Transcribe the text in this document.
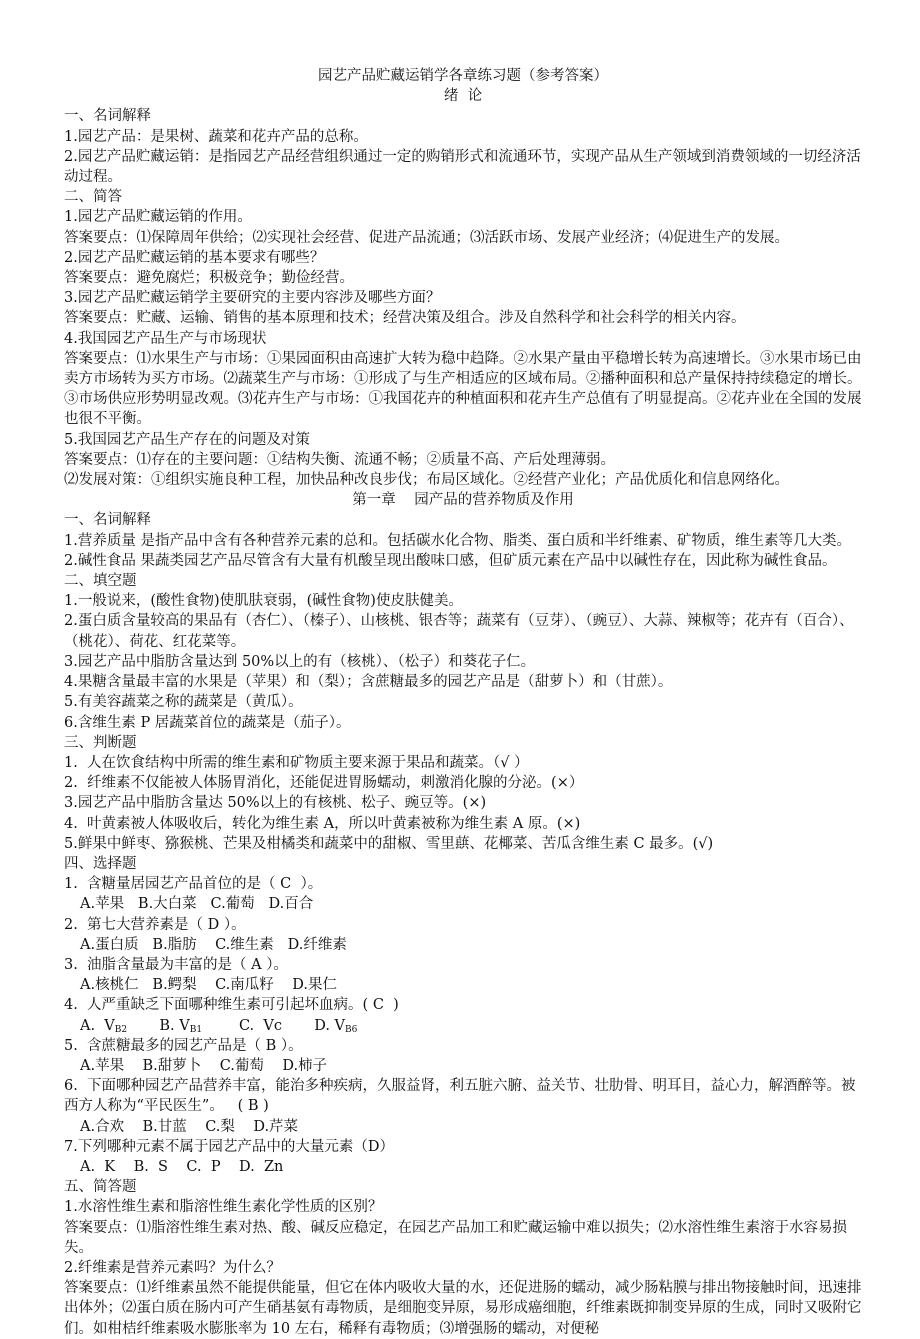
园艺产品贮藏运销学各章练习题（参考答案）

绪  论

一、名词解释

1.园艺产品：是果树、蔬菜和花卉产品的总称。

2.园艺产品贮藏运销：是指园艺产品经营组织通过一定的购销形式和流通环节，实现产品从生产领域到消费领域的一切经济活动过程。

二、简答

1.园艺产品贮藏运销的作用。

答案要点：⑴保障周年供给；⑵实现社会经营、促进产品流通；⑶活跃市场、发展产业经济；⑷促进生产的发展。

2.园艺产品贮藏运销的基本要求有哪些？

答案要点：避免腐烂；积极竞争；勤俭经营。

3.园艺产品贮藏运销学主要研究的主要内容涉及哪些方面？

答案要点：贮藏、运输、销售的基本原理和技术；经营决策及组合。涉及自然科学和社会科学的相关内容。

4.我国园艺产品生产与市场现状

答案要点：⑴水果生产与市场：①果园面积由高速扩大转为稳中趋降。②水果产量由平稳增长转为高速增长。③水果市场已由卖方市场转为买方市场。⑵蔬菜生产与市场：①形成了与生产相适应的区域布局。②播种面积和总产量保持持续稳定的增长。③市场供应形势明显改观。⑶花卉生产与市场：①我国花卉的种植面积和花卉生产总值有了明显提高。②花卉业在全国的发展也很不平衡。

5.我国园艺产品生产存在的问题及对策

答案要点：⑴存在的主要问题：①结构失衡、流通不畅；②质量不高、产后处理薄弱。

⑵发展对策：①组织实施良种工程，加快品种改良步伐；布局区域化。②经营产业化；产品优质化和信息网络化。

第一章    园产品的营养物质及作用

一、名词解释

1.营养质量 是指产品中含有各种营养元素的总和。包括碳水化合物、脂类、蛋白质和半纤维素、矿物质，维生素等几大类。

2.碱性食品 果蔬类园艺产品尽管含有大量有机酸呈现出酸味口感，但矿质元素在产品中以碱性存在，因此称为碱性食品。

二、填空题

1.一般说来，(酸性食物)使肌肤衰弱，(碱性食物)使皮肤健美。

2.蛋白质含量较高的果品有（杏仁）、（榛子）、山核桃、银杏等；蔬菜有（豆芽）、（豌豆）、大蒜、辣椒等；花卉有（百合）、（桃花）、荷花、红花菜等。

3.园艺产品中脂肪含量达到 50%以上的有（核桃）、（松子）和葵花子仁。

4.果糖含量最丰富的水果是（苹果）和（梨）；含蔗糖最多的园艺产品是（甜萝卜）和（甘蔗）。

5.有美容蔬菜之称的蔬菜是（黄瓜）。

6.含维生素 P 居蔬菜首位的蔬菜是（茄子）。

三、判断题

1.  人在饮食结构中所需的维生素和矿物质主要来源于果品和蔬菜。（√ ）

2.  纤维素不仅能被人体肠胃消化，还能促进胃肠蠕动，刺激消化腺的分泌。(×）

3.园艺产品中脂肪含量达 50%以上的有核桃、松子、豌豆等。(×)

4.  叶黄素被人体吸收后，转化为维生素 A，所以叶黄素被称为维生素 A 原。(×)

5.鲜果中鲜枣、猕猴桃、芒果及柑橘类和蔬菜中的甜椒、雪里蕻、花椰菜、苦瓜含维生素 C 最多。(√)

四、选择题

1.  含糖量居园艺产品首位的是（ C  ）。

A.苹果   B.大白菜   C.葡萄   D.百合

2.  第七大营养素是（ D ）。

A.蛋白质   B.脂肪    C.维生素   D.纤维素

3.  油脂含量最为丰富的是（ A ）。

A.核桃仁   B.鳄梨    C.南瓜籽    D.果仁

4.  人严重缺乏下面哪种维生素可引起坏血病。( C  )

A.  $V_{B2}$ B. $V_{B1}$	C.  Vc D. $V_{B6}$

5.  含蔗糖最多的园艺产品是（ B ）。

A.苹果    B.甜萝卜    C.葡萄    D.柿子

6.  下面哪种园艺产品营养丰富，能治多种疾病，久服益肾，利五脏六腑、益关节、壮肋骨、明耳目，益心力，解酒醉等。被西方人称为“平民医生”。   ( B )

A.合欢    B.甘蓝    C.梨    D.芹菜

7.下列哪种元素不属于园艺产品中的大量元素（D）

A.  K    B.  S    C.  P    D.  Zn

五、简答题

1.水溶性维生素和脂溶性维生素化学性质的区别？

答案要点：⑴脂溶性维生素对热、酸、碱反应稳定，在园艺产品加工和贮藏运输中难以损失；⑵水溶性维生素溶于水容易损失。

2.纤维素是营养元素吗？为什么？

答案要点：⑴纤维素虽然不能提供能量，但它在体内吸收大量的水，还促进肠的蠕动，减少肠粘膜与排出物接触时间，迅速排出体外；⑵蛋白质在肠内可产生硝基氨有毒物质，是细胞变异原，易形成癌细胞，纤维素既抑制变异原的生成，同时又吸附它们。如柑桔纤维素吸水膨胀率为 10 左右，稀释有毒物质；⑶增强肠的蠕动，对便秘
